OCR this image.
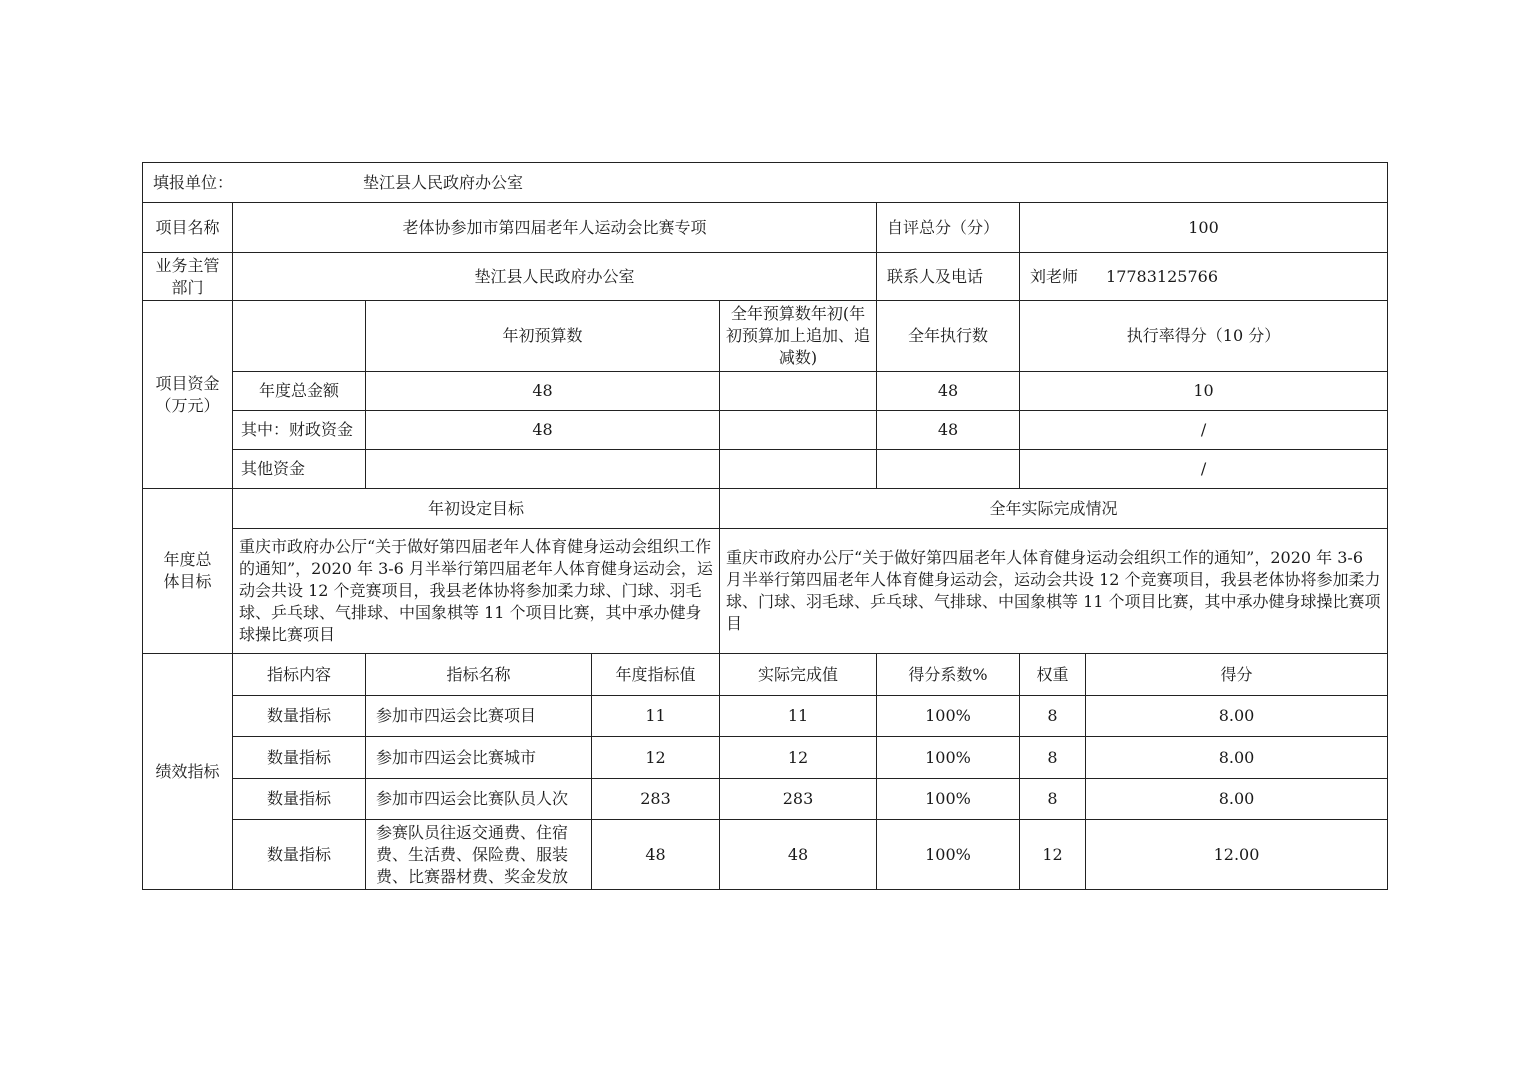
填报单位： 垫江县人民政府办公室							
项目名称	老体协参加市第四届老年人运动会比赛专项				自评总分（分）	100	
业务主管部门	垫江县人民政府办公室				联系人及电话	刘老师 17783125766	
项目资金（万元）		年初预算数		全年预算数年初(年初预算加上追加、追减数)	全年执行数	执行率得分（10 分）	
	年度总金额	48			48	10	
	其中：财政资金	48			48	/	
	其他资金					/	
年度总体目标	年初设定目标			全年实际完成情况			
	重庆市政府办公厅“关于做好第四届老年人体育健身运动会组织工作的通知”，2020 年 3-6 月半举行第四届老年人体育健身运动会，运动会共设 12 个竞赛项目，我县老体协将参加柔力球、门球、羽毛球、乒乓球、气排球、中国象棋等 11 个项目比赛，其中承办健身球操比赛项目			重庆市政府办公厅“关于做好第四届老年人体育健身运动会组织工作的通知”，2020 年 3-6 月半举行第四届老年人体育健身运动会，运动会共设 12 个竞赛项目，我县老体协将参加柔力球、门球、羽毛球、乒乓球、气排球、中国象棋等 11 个项目比赛，其中承办健身球操比赛项目			
绩效指标	指标内容	指标名称	年度指标值	实际完成值	得分系数%	权重	得分
	数量指标	参加市四运会比赛项目	11	11	100%	8	8.00
	数量指标	参加市四运会比赛城市	12	12	100%	8	8.00
	数量指标	参加市四运会比赛队员人次	283	283	100%	8	8.00
	数量指标	参赛队员往返交通费、住宿费、生活费、保险费、服装费、比赛器材费、奖金发放	48	48	100%	12	12.00
